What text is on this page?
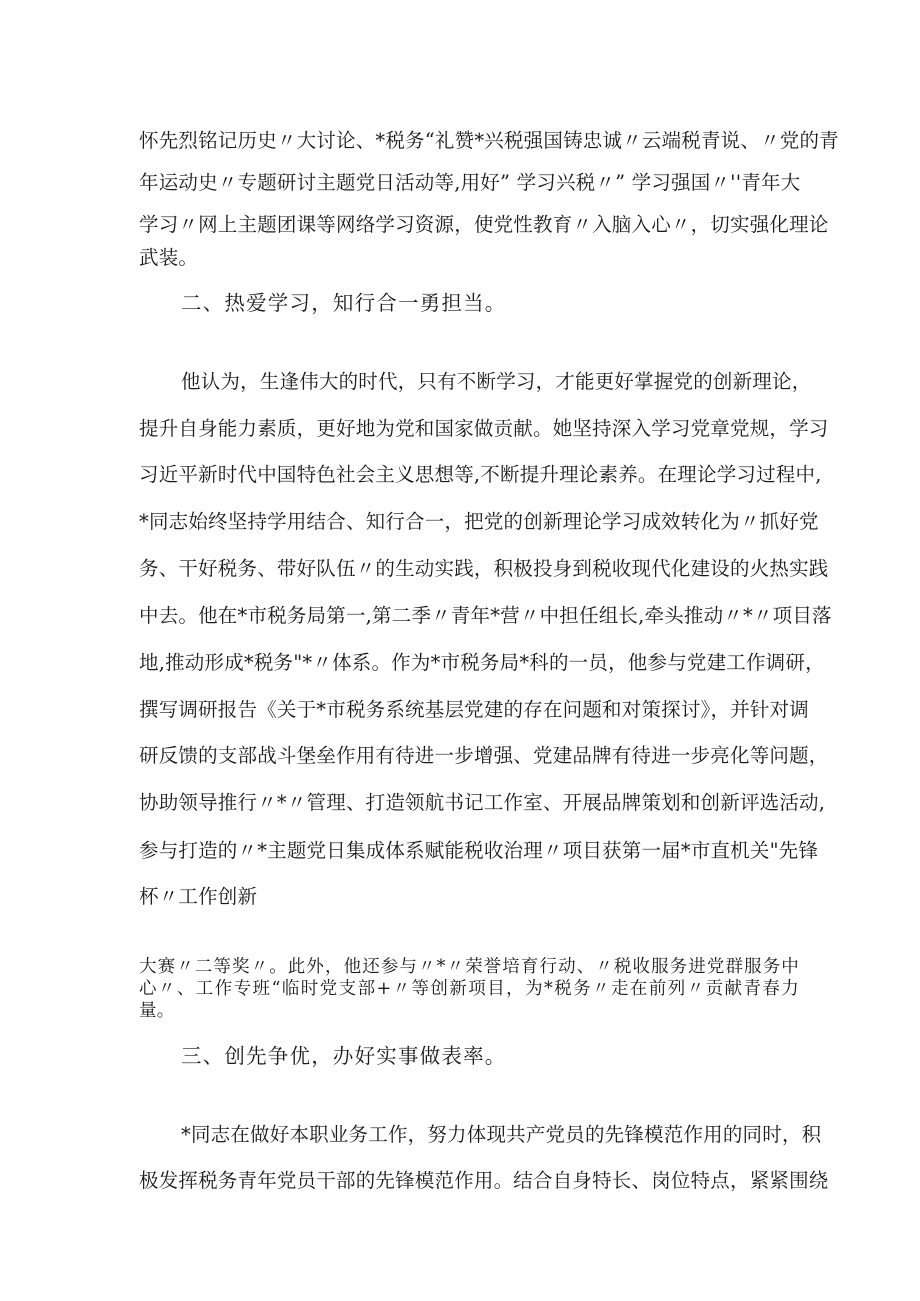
怀先烈铭记历史〃大讨论、*税务“礼赞*兴税强国铸忠诚〃云端税青说、〃党的青
年运动史〃专题研讨主题党日活动等,用好” 学习兴税〃” 学习强国〃''青年大
学习〃网上主题团课等网络学习资源，使党性教育〃入脑入心〃，切实强化理论
武装。
二、热爱学习，知行合一勇担当。
他认为，生逢伟大的时代，只有不断学习，才能更好掌握党的创新理论，
提升自身能力素质，更好地为党和国家做贡献。她坚持深入学习党章党规，学习
习近平新时代中国特色社会主义思想等,不断提升理论素养。在理论学习过程中,
*同志始终坚持学用结合、知行合一，把党的创新理论学习成效转化为〃抓好党
务、干好税务、带好队伍〃的生动实践，积极投身到税收现代化建设的火热实践
中去。他在*市税务局第一,第二季〃青年*营〃中担任组长,牵头推动〃*〃项目落
地,推动形成*税务"*〃体系。作为*市税务局*科的一员，他参与党建工作调研，
撰写调研报告《关于*市税务系统基层党建的存在问题和对策探讨》，并针对调
研反馈的支部战斗堡垒作用有待进一步增强、党建品牌有待进一步亮化等问题，
协助领导推行〃*〃管理、打造领航书记工作室、开展品牌策划和创新评选活动,
参与打造的〃*主题党日集成体系赋能税收治理〃项目获第一届*市直机关"先锋
杯〃工作创新
大赛〃二等奖〃。此外，他还参与〃*〃荣誉培育行动、〃税收服务进党群服务中
心〃、工作专班“临时党支部+〃等创新项目，为*税务〃走在前列〃贡献青春力
量。
三、创先争优，办好实事做表率。
*同志在做好本职业务工作，努力体现共产党员的先锋模范作用的同时，积
极发挥税务青年党员干部的先锋模范作用。结合自身特长、岗位特点，紧紧围绕
